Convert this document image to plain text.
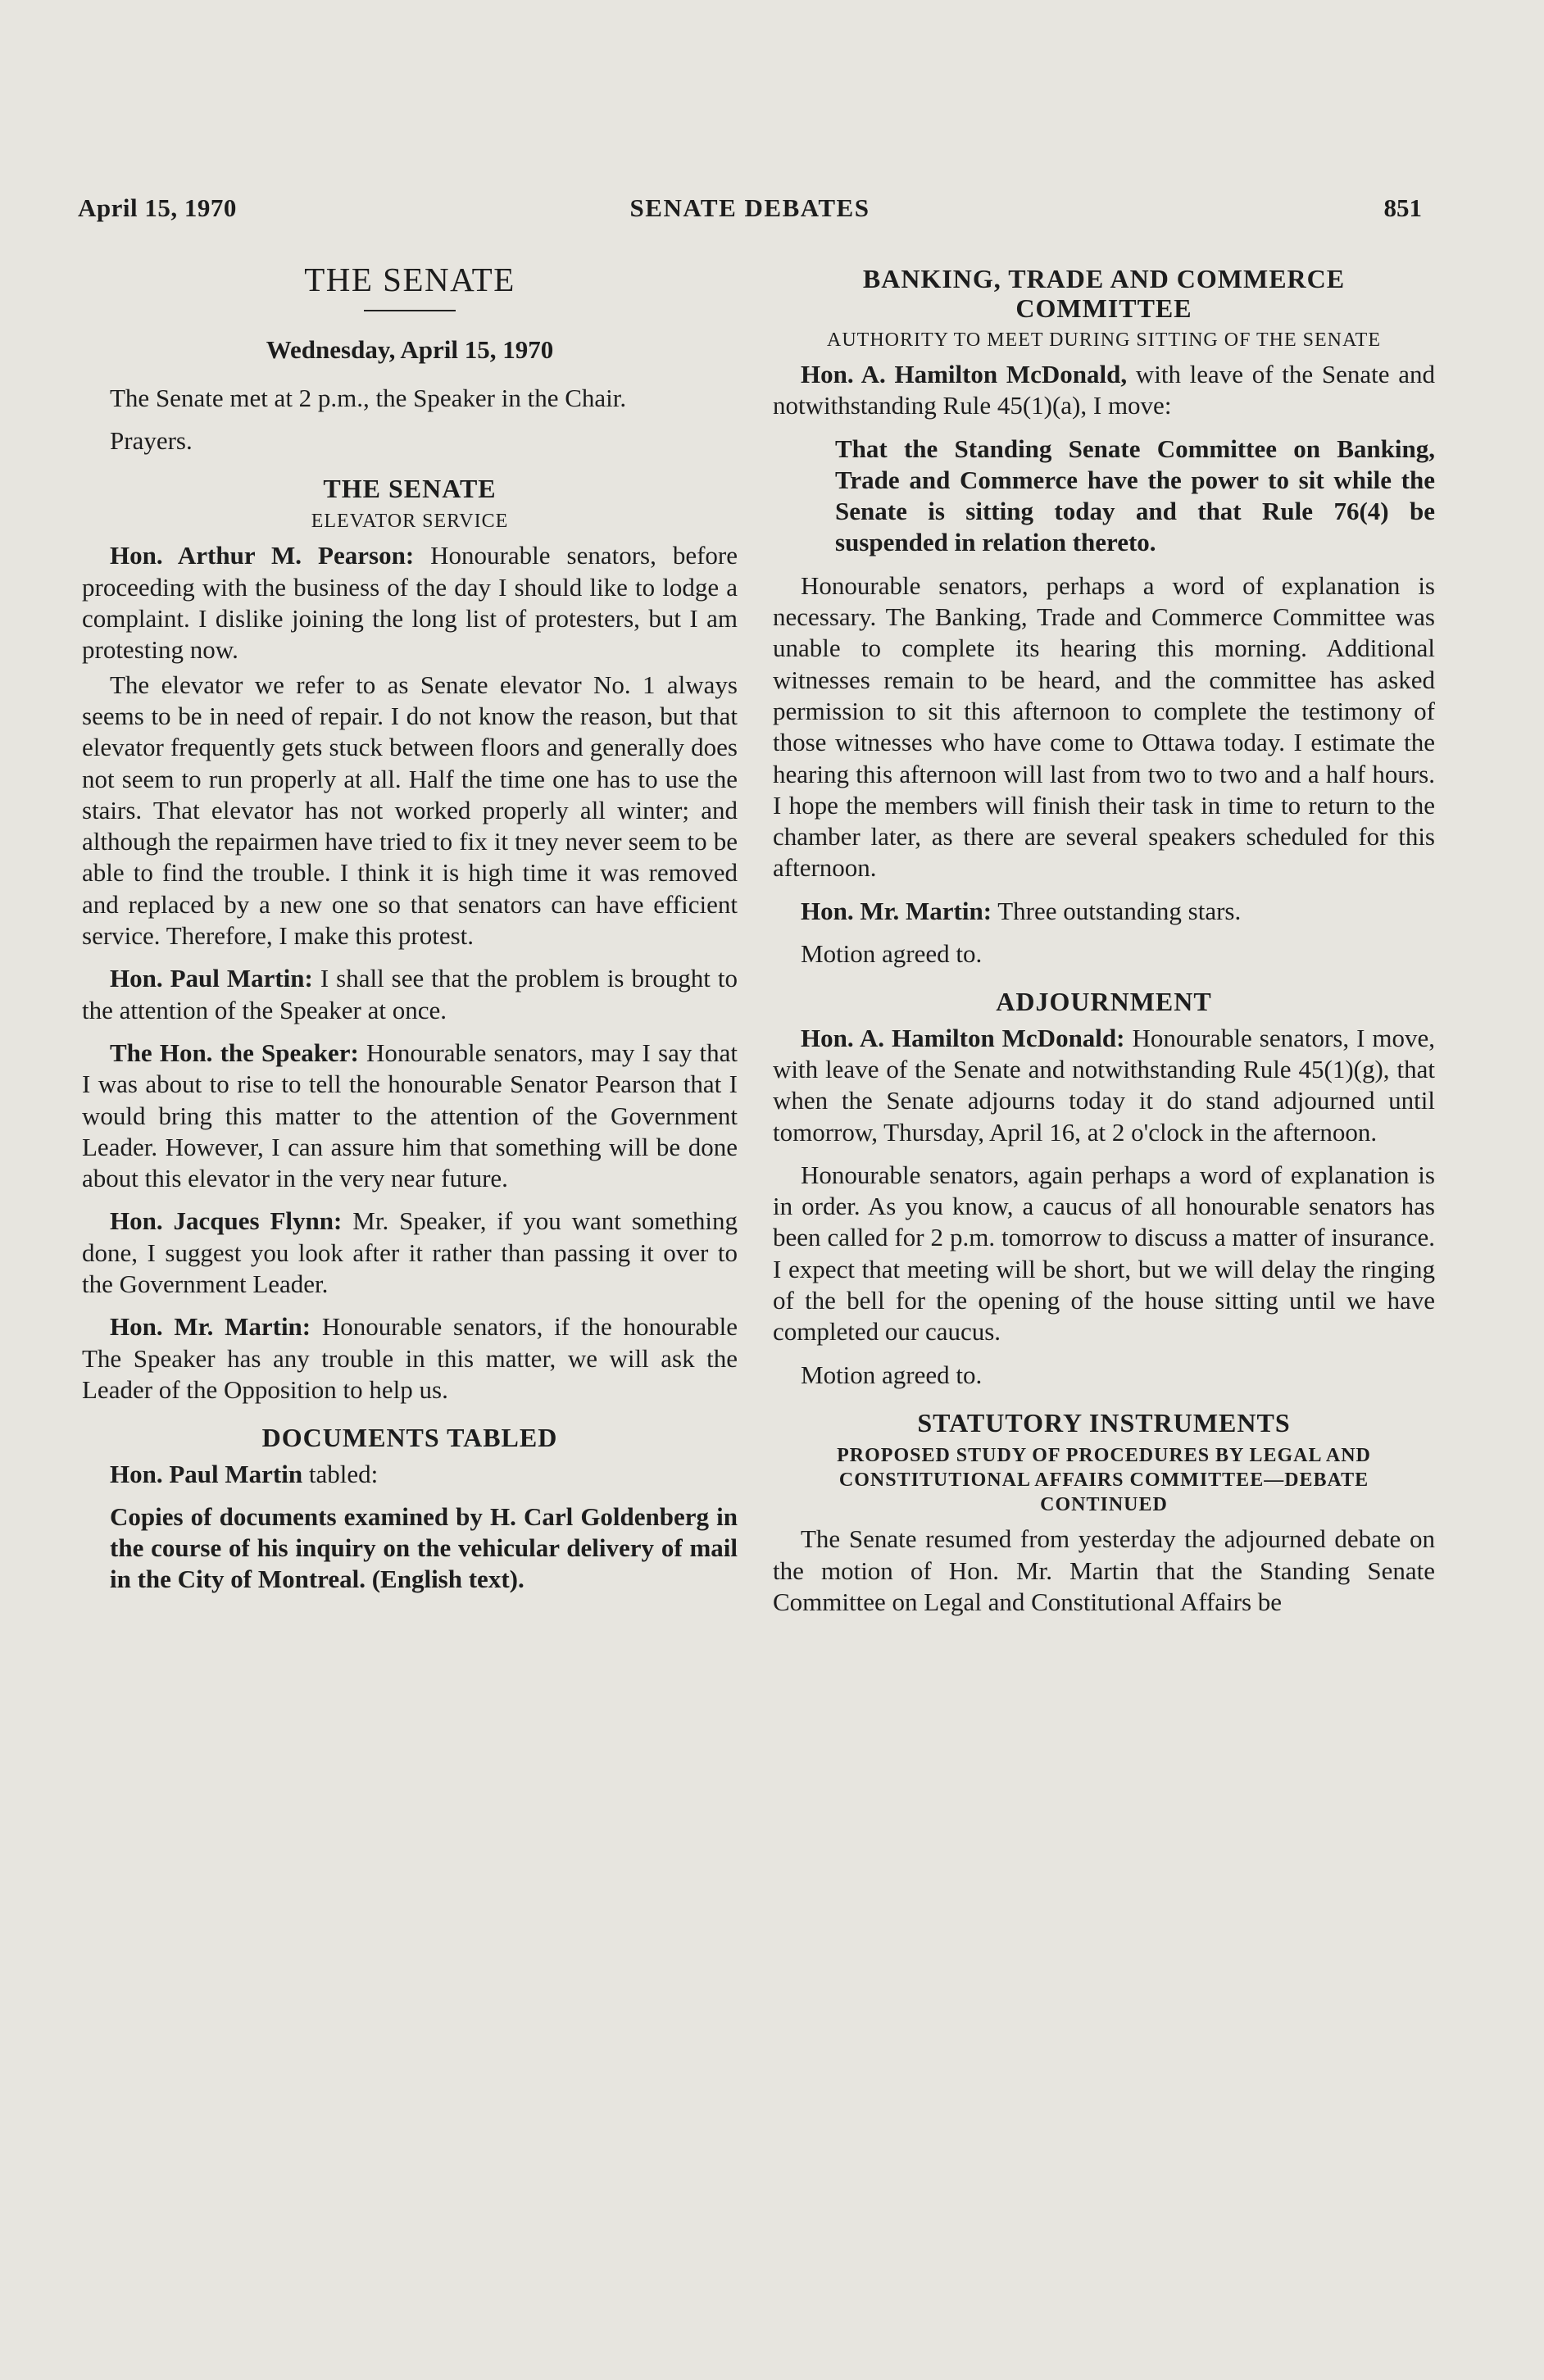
April 15, 1970	SENATE DEBATES	851
THE SENATE
Wednesday, April 15, 1970

The Senate met at 2 p.m., the Speaker in the Chair.

Prayers.

THE SENATE
ELEVATOR SERVICE

Hon. Arthur M. Pearson: Honourable senators, before proceeding with the business of the day I should like to lodge a complaint. I dislike joining the long list of protesters, but I am protesting now.

The elevator we refer to as Senate elevator No. 1 always seems to be in need of repair. I do not know the reason, but that elevator frequently gets stuck between floors and generally does not seem to run properly at all. Half the time one has to use the stairs. That elevator has not worked properly all winter; and although the repairmen have tried to fix it tney never seem to be able to find the trouble. I think it is high time it was removed and replaced by a new one so that senators can have efficient service. Therefore, I make this protest.

Hon. Paul Martin: I shall see that the problem is brought to the attention of the Speaker at once.

The Hon. the Speaker: Honourable senators, may I say that I was about to rise to tell the honourable Senator Pearson that I would bring this matter to the attention of the Government Leader. However, I can assure him that something will be done about this elevator in the very near future.

Hon. Jacques Flynn: Mr. Speaker, if you want something done, I suggest you look after it rather than passing it over to the Government Leader.

Hon. Mr. Martin: Honourable senators, if the honourable The Speaker has any trouble in this matter, we will ask the Leader of the Opposition to help us.

DOCUMENTS TABLED

Hon. Paul Martin tabled:

Copies of documents examined by H. Carl Goldenberg in the course of his inquiry on the vehicular delivery of mail in the City of Montreal. (English text).
BANKING, TRADE AND COMMERCE COMMITTEE
AUTHORITY TO MEET DURING SITTING OF THE SENATE

Hon. A. Hamilton McDonald, with leave of the Senate and notwithstanding Rule 45(1)(a), I move:

That the Standing Senate Committee on Banking, Trade and Commerce have the power to sit while the Senate is sitting today and that Rule 76(4) be suspended in relation thereto.

Honourable senators, perhaps a word of explanation is necessary. The Banking, Trade and Commerce Committee was unable to complete its hearing this morning. Additional witnesses remain to be heard, and the committee has asked permission to sit this afternoon to complete the testimony of those witnesses who have come to Ottawa today. I estimate the hearing this afternoon will last from two to two and a half hours. I hope the members will finish their task in time to return to the chamber later, as there are several speakers scheduled for this afternoon.

Hon. Mr. Martin: Three outstanding stars.

Motion agreed to.

ADJOURNMENT

Hon. A. Hamilton McDonald: Honourable senators, I move, with leave of the Senate and notwithstanding Rule 45(1)(g), that when the Senate adjourns today it do stand adjourned until tomorrow, Thursday, April 16, at 2 o'clock in the afternoon.

Honourable senators, again perhaps a word of explanation is in order. As you know, a caucus of all honourable senators has been called for 2 p.m. tomorrow to discuss a matter of insurance. I expect that meeting will be short, but we will delay the ringing of the bell for the opening of the house sitting until we have completed our caucus.

Motion agreed to.

STATUTORY INSTRUMENTS
PROPOSED STUDY OF PROCEDURES BY LEGAL AND CONSTITUTIONAL AFFAIRS COMMITTEE—DEBATE CONTINUED

The Senate resumed from yesterday the adjourned debate on the motion of Hon. Mr. Martin that the Standing Senate Committee on Legal and Constitutional Affairs be
